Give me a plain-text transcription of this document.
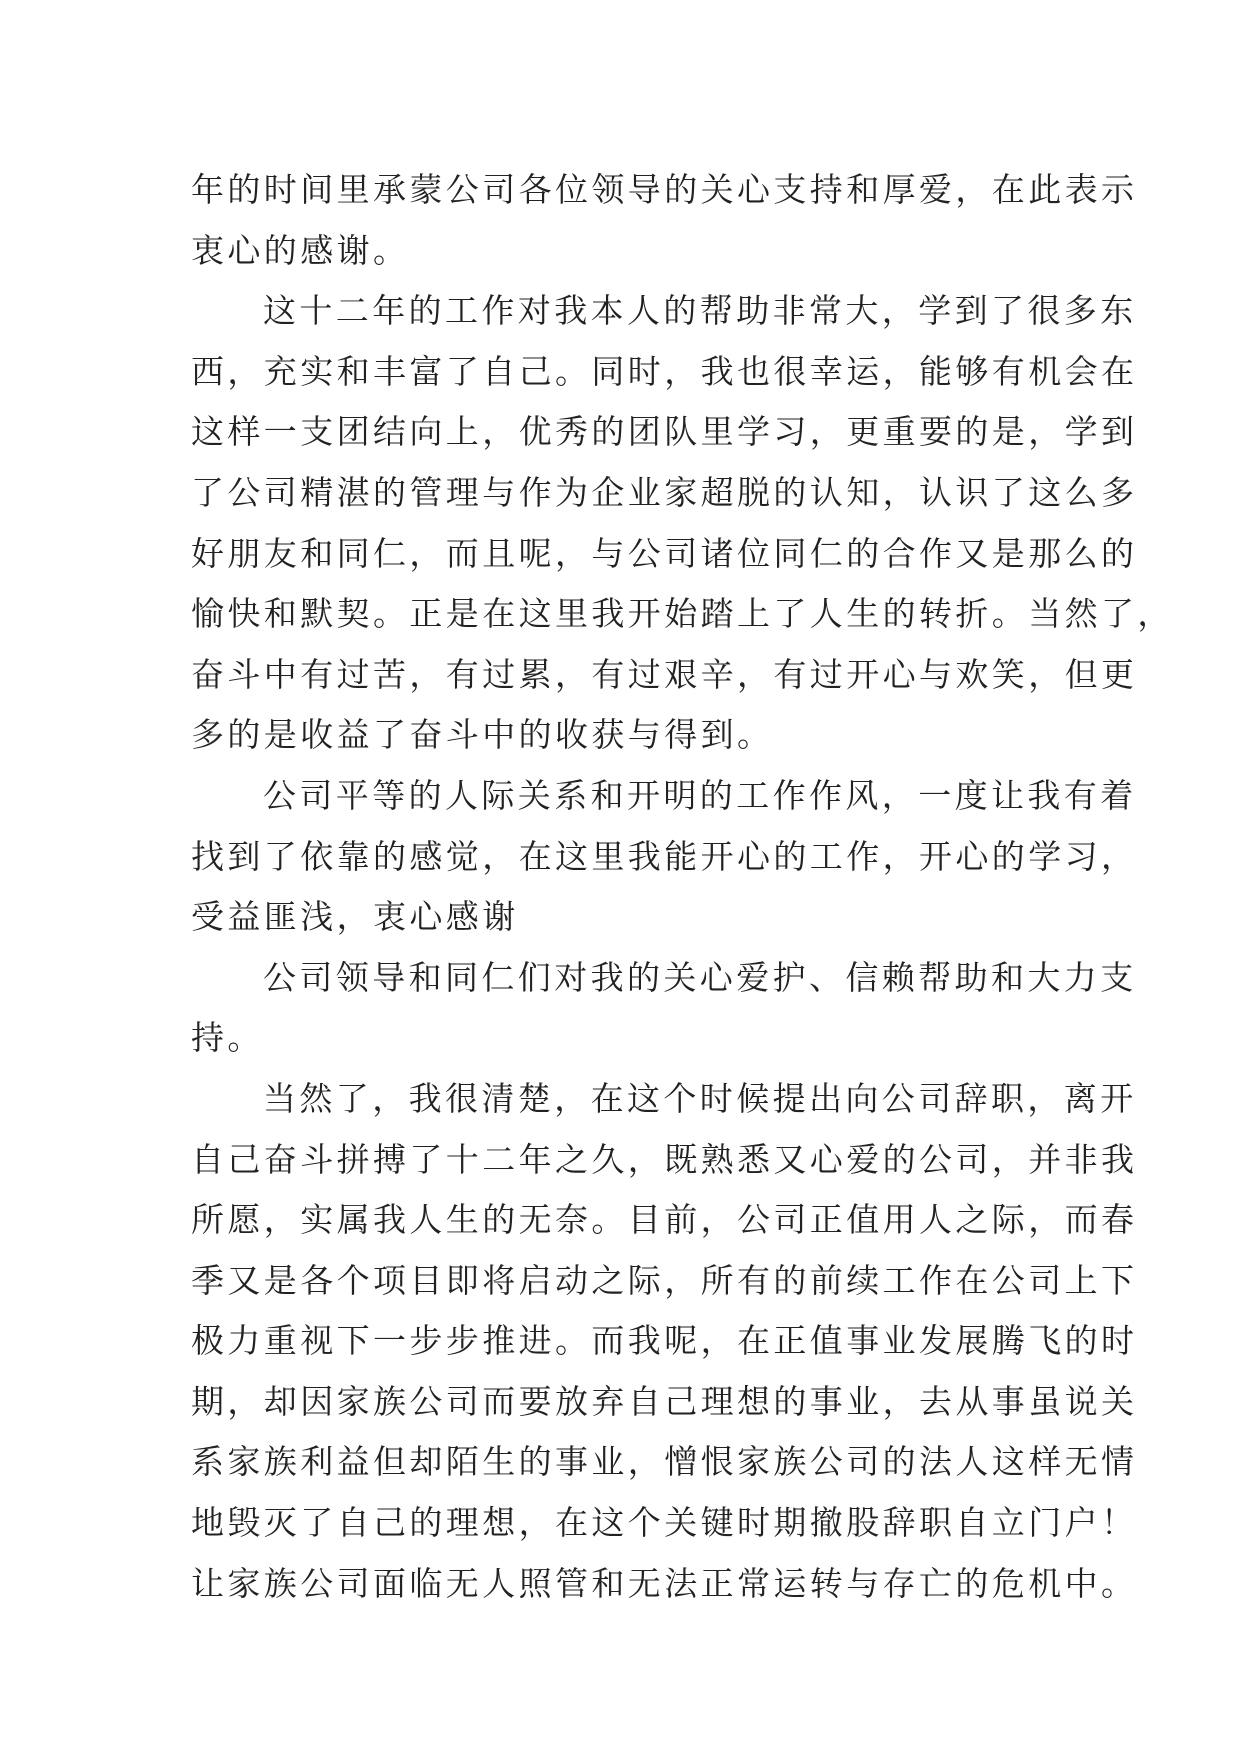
年的时间里承蒙公司各位领导的关心支持和厚爱，在此表示
衷心的感谢。
这十二年的工作对我本人的帮助非常大，学到了很多东
西，充实和丰富了自己。同时，我也很幸运，能够有机会在
这样一支团结向上，优秀的团队里学习，更重要的是，学到
了公司精湛的管理与作为企业家超脱的认知，认识了这么多
好朋友和同仁，而且呢，与公司诸位同仁的合作又是那么的
愉快和默契。正是在这里我开始踏上了人生的转折。当然了，
奋斗中有过苦，有过累，有过艰辛，有过开心与欢笑，但更
多的是收益了奋斗中的收获与得到。
公司平等的人际关系和开明的工作作风，一度让我有着
找到了依靠的感觉，在这里我能开心的工作，开心的学习，
受益匪浅，衷心感谢
公司领导和同仁们对我的关心爱护、信赖帮助和大力支
持。
当然了，我很清楚，在这个时候提出向公司辞职，离开
自己奋斗拼搏了十二年之久，既熟悉又心爱的公司，并非我
所愿，实属我人生的无奈。目前，公司正值用人之际，而春
季又是各个项目即将启动之际，所有的前续工作在公司上下
极力重视下一步步推进。而我呢，在正值事业发展腾飞的时
期，却因家族公司而要放弃自己理想的事业，去从事虽说关
系家族利益但却陌生的事业，憎恨家族公司的法人这样无情
地毁灭了自己的理想，在这个关键时期撤股辞职自立门户！
让家族公司面临无人照管和无法正常运转与存亡的危机中。
